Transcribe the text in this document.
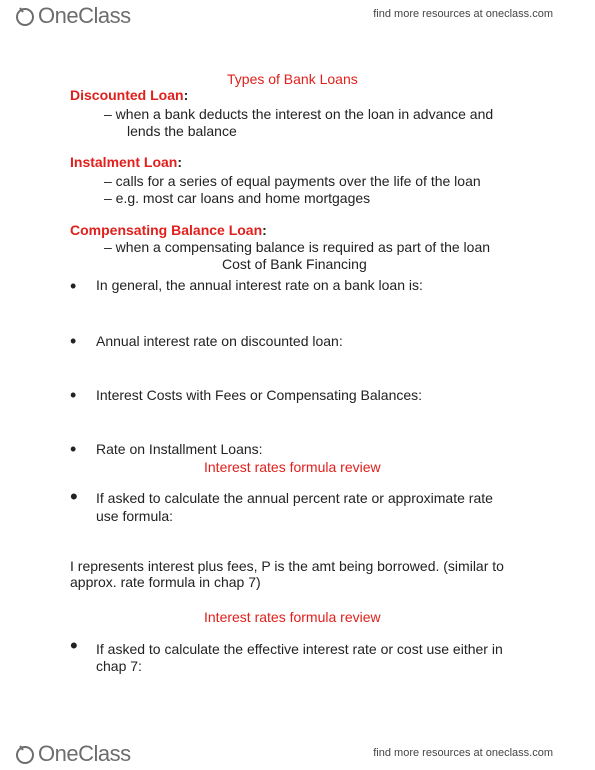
OneClass	find more resources at oneclass.com
Types of Bank Loans
Discounted Loan:
– when a bank deducts the interest on the loan in advance and
lends the balance
Instalment Loan:
– calls for a series of equal payments over the life of the loan
– e.g. most car loans and home mortgages
Compensating Balance Loan:
– when a compensating balance is required as part of the loan
Cost of Bank Financing
• In general, the annual interest rate on a bank loan is:
• Annual interest rate on discounted loan:
• Interest Costs with Fees or Compensating Balances:
• Rate on Installment Loans:
Interest rates formula review
• If asked to calculate the annual percent rate or approximate rate
use formula:
I represents interest plus fees, P is the amt being borrowed. (similar to
approx. rate formula in chap 7)
Interest rates formula review
• If asked to calculate the effective interest rate or cost use either in
chap 7:
OneClass	find more resources at oneclass.com
